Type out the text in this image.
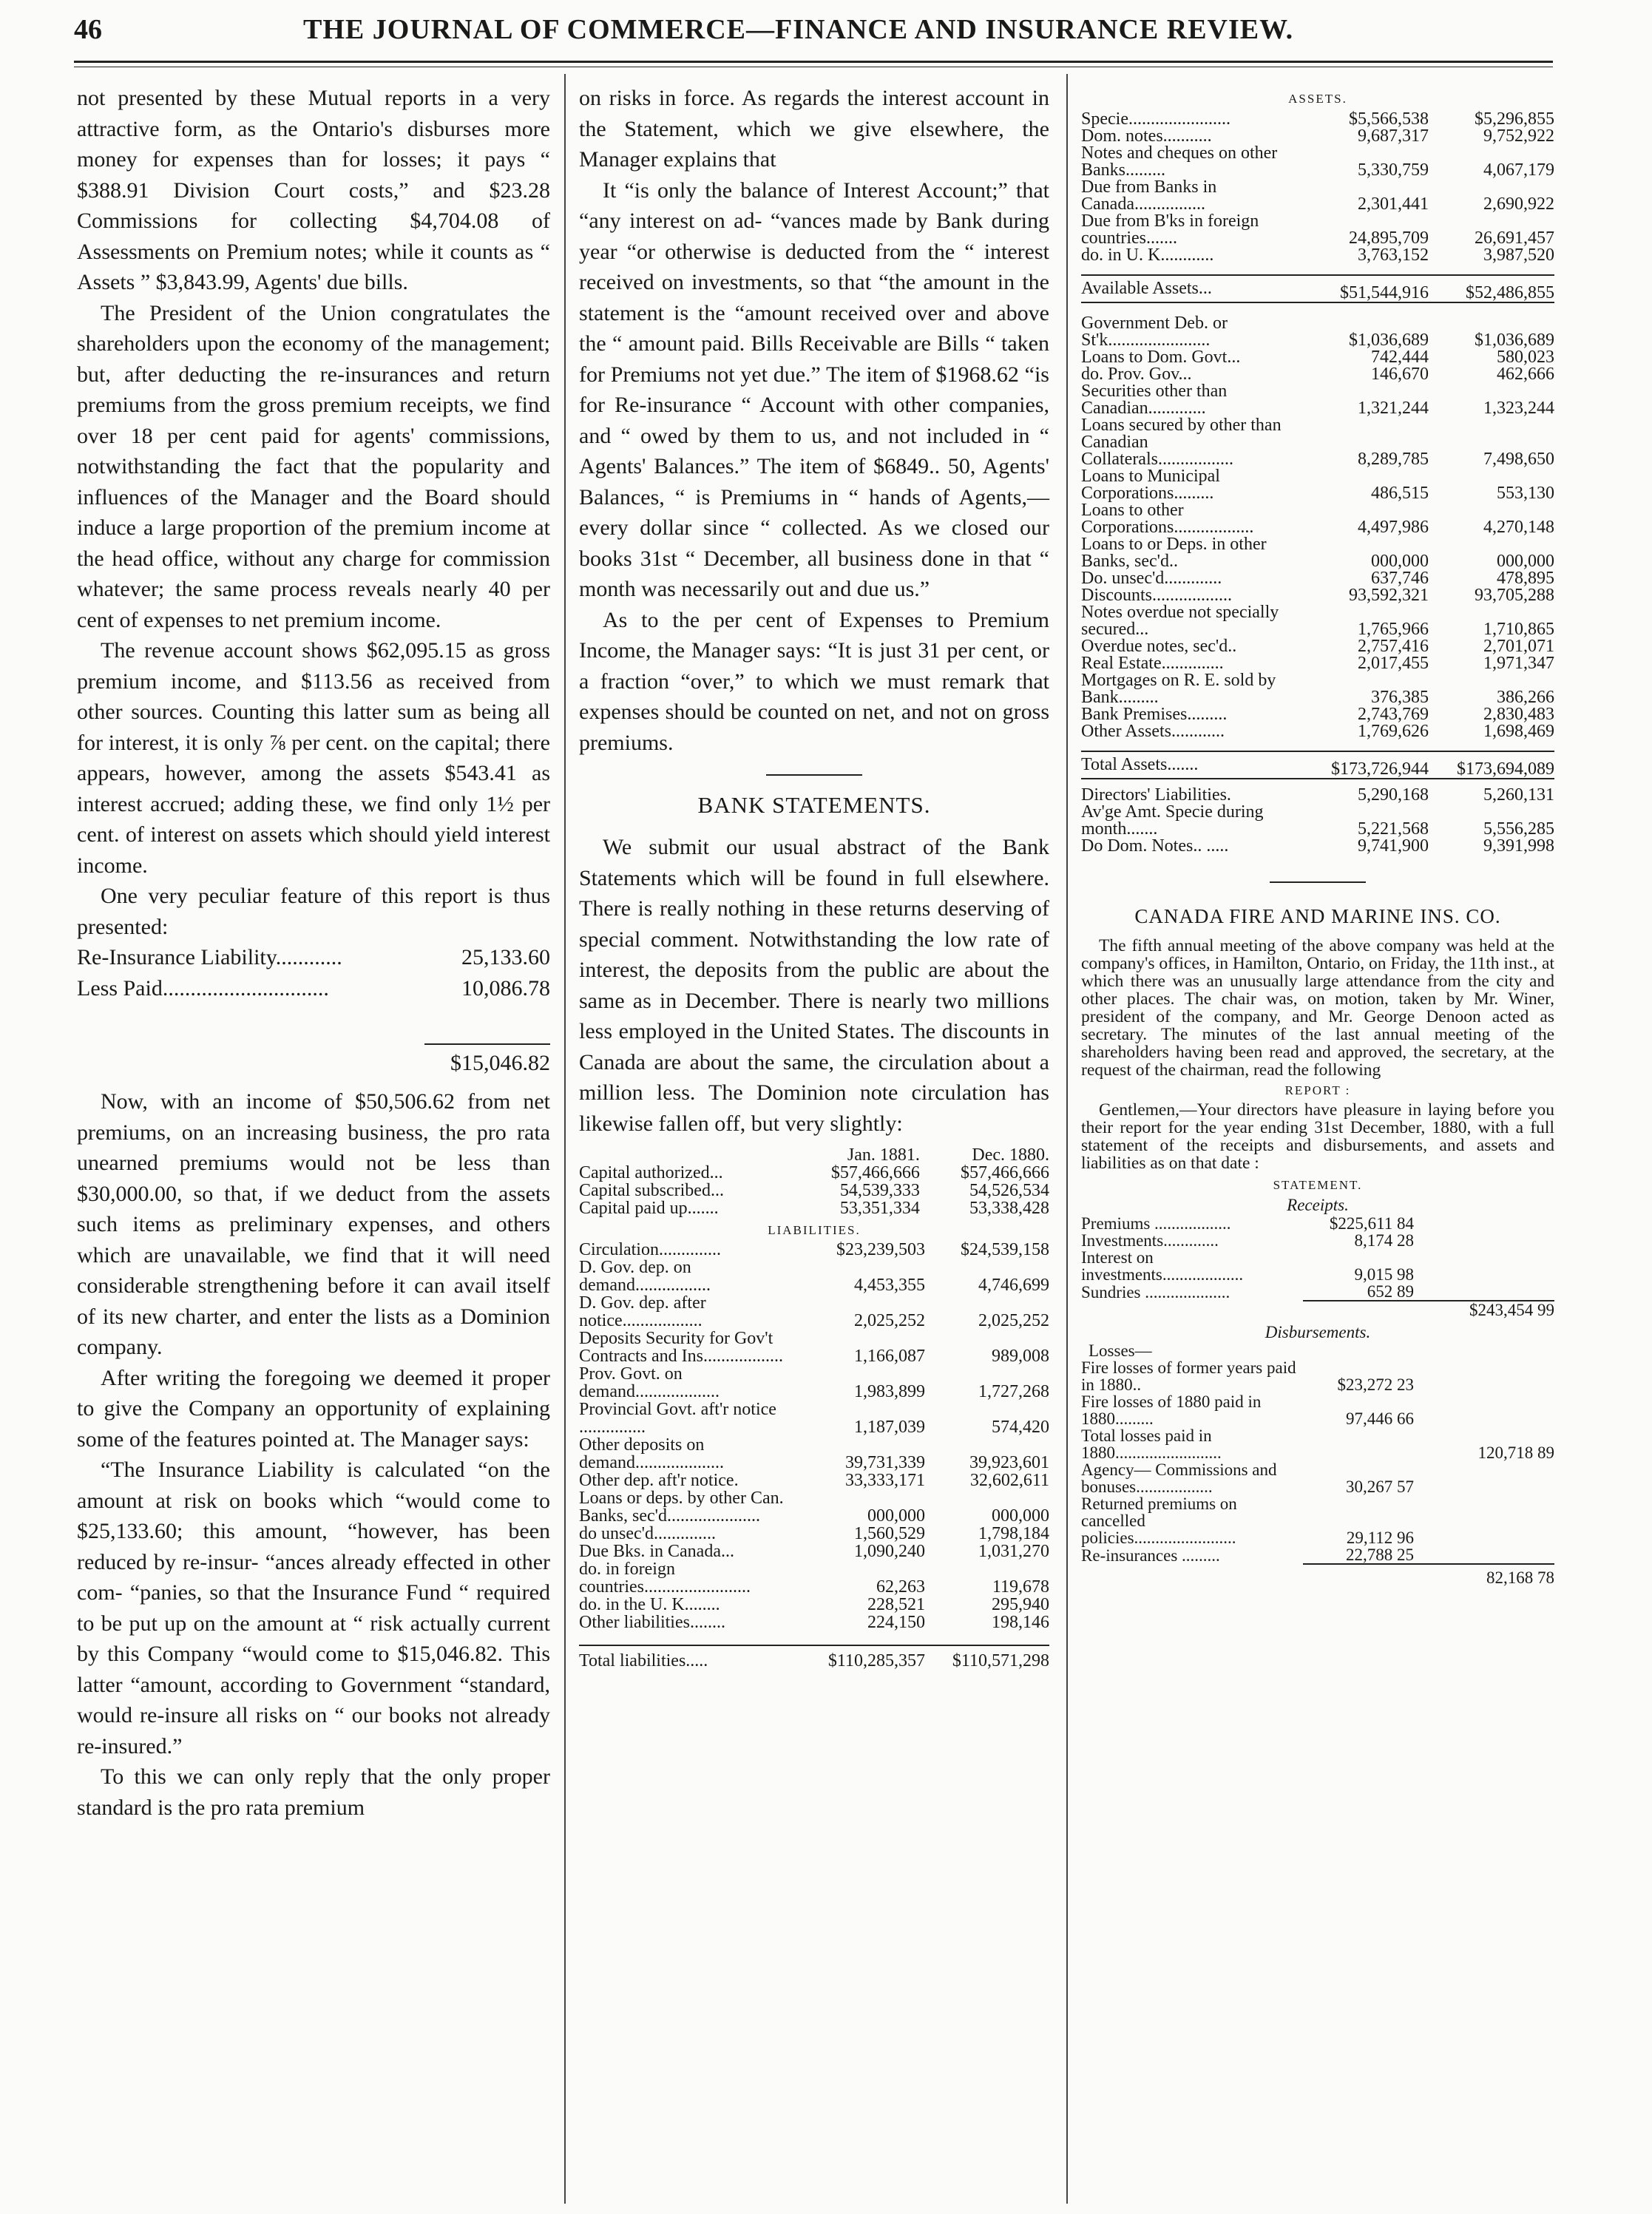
46	THE JOURNAL OF COMMERCE—FINANCE AND INSURANCE REVIEW.

not presented by these Mutual reports in a very attractive form, as the Ontario's disburses more money for expenses than for losses; it pays “ $388.91 Division Court costs,” and $23.28 Commissions for collecting $4,704.08 of Assessments on Premium notes; while it counts as “ Assets ” $3,843.99, Agents' due bills.

The President of the Union congratulates the shareholders upon the economy of the management; but, after deducting the re-insurances and return premiums from the gross premium receipts, we find over 18 per cent paid for agents' commissions, notwithstanding the fact that the popularity and influences of the Manager and the Board should induce a large proportion of the premium income at the head office, without any charge for commission whatever; the same process reveals nearly 40 per cent of expenses to net premium income.

The revenue account shows $62,095.15 as gross premium income, and $113.56 as received from other sources. Counting this latter sum as being all for interest, it is only ⅞ per cent. on the capital; there appears, however, among the assets $543.41 as interest accrued; adding these, we find only 1½ per cent. of interest on assets which should yield interest income.

One very peculiar feature of this report is thus presented:

Re-Insurance Liability............	25,133.60
Less Paid..............................	10,086.78

$15,046.82

Now, with an income of $50,506.62 from net premiums, on an increasing business, the pro rata unearned premiums would not be less than $30,000.00, so that, if we deduct from the assets such items as preliminary expenses, and others which are unavailable, we find that it will need considerable strengthening before it can avail itself of its new charter, and enter the lists as a Dominion company.

After writing the foregoing we deemed it proper to give the Company an opportunity of explaining some of the features pointed at. The Manager says:

“The Insurance Liability is calculated “on the amount at risk on books which “would come to $25,133.60; this amount, “however, has been reduced by re-insur- “ances already effected in other com- “panies, so that the Insurance Fund “ required to be put up on the amount at “ risk actually current by this Company “would come to $15,046.82. This latter “amount, according to Government “standard, would re-insure all risks on “ our books not already re-insured.”

To this we can only reply that the only proper standard is the pro rata premium

on risks in force. As regards the interest account in the Statement, which we give elsewhere, the Manager explains that

It “is only the balance of Interest Account;” that “any interest on ad- “vances made by Bank during year “or otherwise is deducted from the “ interest received on investments, so that “the amount in the statement is the “amount received over and above the “ amount paid. Bills Receivable are Bills “ taken for Premiums not yet due.” The item of $1968.62 “is for Re-insurance “ Account with other companies, and “ owed by them to us, and not included in “ Agents' Balances.” The item of $6849.. 50, Agents' Balances, “ is Premiums in “ hands of Agents,—every dollar since “ collected. As we closed our books 31st “ December, all business done in that “ month was necessarily out and due us.”

As to the per cent of Expenses to Premium Income, the Manager says: “It is just 31 per cent, or a fraction “over,” to which we must remark that expenses should be counted on net, and not on gross premiums.

BANK STATEMENTS.

We submit our usual abstract of the Bank Statements which will be found in full elsewhere. There is really nothing in these returns deserving of special comment. Notwithstanding the low rate of interest, the deposits from the public are about the same as in December. There is nearly two millions less employed in the United States. The discounts in Canada are about the same, the circulation about a million less. The Dominion note circulation has likewise fallen off, but very slightly:

	Jan. 1881.	Dec. 1880.
Capital authorized...	$57,466,666	$57,466,666
Capital subscribed...	54,539,333	54,526,534
Capital paid up.......	53,351,334	53,338,428
LIABILITIES.
Circulation..............	$23,239,503	$24,539,158
D. Gov. dep. on demand.................	4,453,355	4,746,699
D. Gov. dep. after notice..................	2,025,252	2,025,252
Deposits Security for Gov't Contracts and Ins..................	1,166,087	989,008
Prov. Govt. on demand...................	1,983,899	1,727,268
Provincial Govt. aft'r notice ...............	1,187,039	574,420
Other deposits on demand....................	39,731,339	39,923,601
Other dep. aft'r notice.	33,333,171	32,602,611
Loans or deps. by other Can. Banks, sec'd.....................	000,000	000,000
do unsec'd..............	1,560,529	1,798,184
Due Bks. in Canada...	1,090,240	1,031,270
do. in foreign countries........................	62,263	119,678
do. in the U. K........	228,521	295,940
Other liabilities........	224,150	198,146
Total liabilities.....	$110,285,357	$110,571,298
ASSETS.
Specie.......................	$5,566,538	$5,296,855
Dom. notes...........	9,687,317	9,752,922
Notes and cheques on other Banks.........	5,330,759	4,067,179
Due from Banks in Canada................	2,301,441	2,690,922
Due from B'ks in foreign countries.......	24,895,709	26,691,457
do. in U. K............	3,763,152	3,987,520
Available Assets...	$51,544,916	$52,486,855
Government Deb. or St'k.......................	$1,036,689	$1,036,689
Loans to Dom. Govt...	742,444	580,023
do. Prov. Gov...	146,670	462,666
Securities other than Canadian.............	1,321,244	1,323,244
Loans secured by other than Canadian Collaterals.................	8,289,785	7,498,650
Loans to Municipal Corporations.........	486,515	553,130
Loans to other Corporations..................	4,497,986	4,270,148
Loans to or Deps. in other Banks, sec'd..	000,000	000,000
Do. unsec'd.............	637,746	478,895
Discounts..................	93,592,321	93,705,288
Notes overdue not specially secured...	1,765,966	1,710,865
Overdue notes, sec'd..	2,757,416	2,701,071
Real Estate..............	2,017,455	1,971,347
Mortgages on R. E. sold by Bank.........	376,385	386,266
Bank Premises.........	2,743,769	2,830,483
Other Assets............	1,769,626	1,698,469
Total Assets.......	$173,726,944	$173,694,089
Directors' Liabilities.	5,290,168	5,260,131
Av'ge Amt. Specie during month.......	5,221,568	5,556,285
Do Dom. Notes.. .....	9,741,900	9,391,998
CANADA FIRE AND MARINE INS. CO.

The fifth annual meeting of the above company was held at the company's offices, in Hamilton, Ontario, on Friday, the 11th inst., at which there was an unusually large attendance from the city and other places. The chair was, on motion, taken by Mr. Winer, president of the company, and Mr. George Denoon acted as secretary. The minutes of the last annual meeting of the shareholders having been read and approved, the secretary, at the request of the chairman, read the following

REPORT :

Gentlemen,—Your directors have pleasure in laying before you their report for the year ending 31st December, 1880, with a full statement of the receipts and disbursements, and assets and liabilities as on that date :

STATEMENT.
Receipts.
Premiums ..................	$225,611 84	
Investments.............	8,174 28	
Interest on investments...................	9,015 98	
Sundries ....................	652 89	
		$243,454 99
Disbursements.
Losses—
Fire losses of former years paid in 1880..	$23,272 23	
Fire losses of 1880 paid in 1880.........	97,446 66	
Total losses paid in 1880.........................		120,718 89
Agency— Commissions and bonuses..................	30,267 57	
Returned premiums on cancelled policies........................	29,112 96	
Re-insurances .........	22,788 25	
		82,168 78
